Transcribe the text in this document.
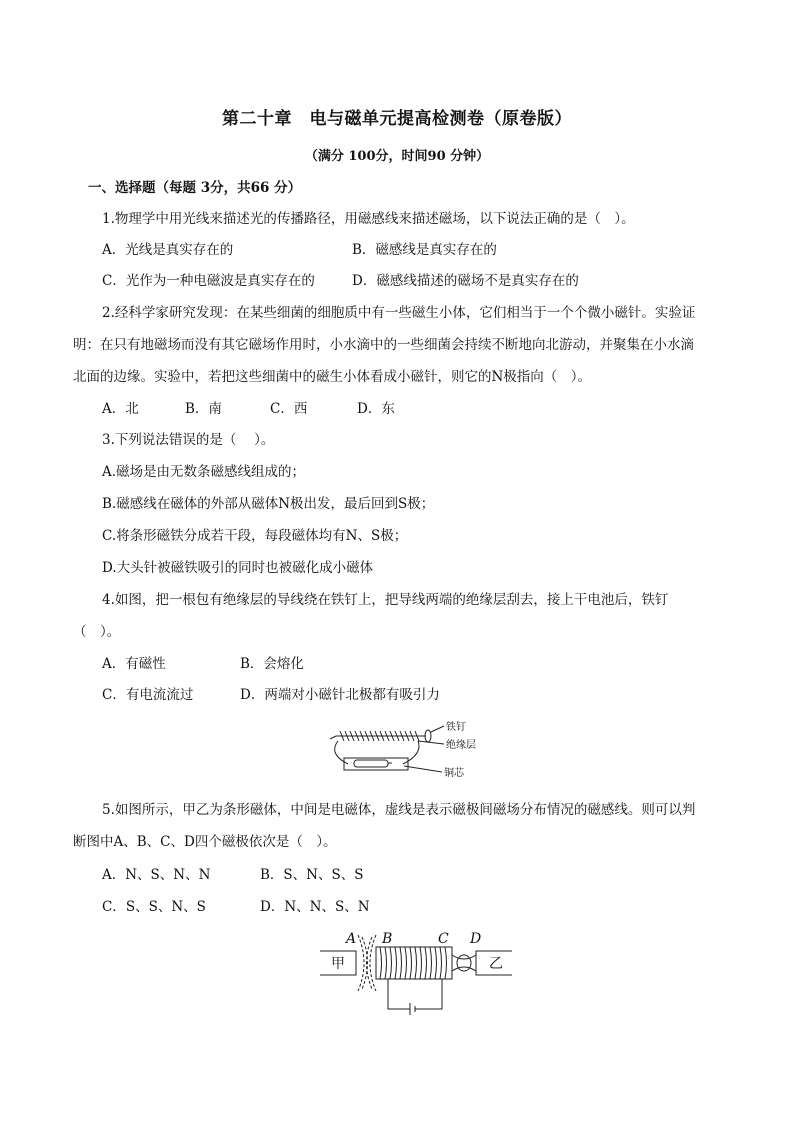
第二十章　电与磁单元提高检测卷（原卷版）
（满分 100分，时间90 分钟）
一、选择题（每题 3分，共66 分）
1.物理学中用光线来描述光的传播路径，用磁感线来描述磁场，以下说法正确的是（　）。
A．光线是真实存在的	B．磁感线是真实存在的
C．光作为一种电磁波是真实存在的	D．磁感线描述的磁场不是真实存在的
2.经科学家研究发现：在某些细菌的细胞质中有一些磁生小体，它们相当于一个个微小磁针。实验证
明：在只有地磁场而没有其它磁场作用时，小水滴中的一些细菌会持续不断地向北游动，并聚集在小水滴
北面的边缘。实验中，若把这些细菌中的磁生小体看成小磁针，则它的N极指向（　）。
A．北	B．南	C．西	D．东
3.下列说法错误的是（　 ）。
A.磁场是由无数条磁感线组成的；
B.磁感线在磁体的外部从磁体N极出发，最后回到S极；
C.将条形磁铁分成若干段，每段磁体均有N、S极；
D.大头针被磁铁吸引的同时也被磁化成小磁体
4.如图，把一根包有绝缘层的导线绕在铁钉上，把导线两端的绝缘层刮去，接上干电池后，铁钉
（　）。
A．有磁性	B．会熔化
C．有电流流过	D．两端对小磁针北极都有吸引力
铁钉
绝缘层
铜芯
5.如图所示，甲乙为条形磁体，中间是电磁体，虚线是表示磁极间磁场分布情况的磁感线。则可以判
断图中A、B、C、D四个磁极依次是（　）。
A．N、S、N、N	B．S、N、S、S
C．S、S、N、S	D．N、N、S、N
甲	乙
A B	C D
